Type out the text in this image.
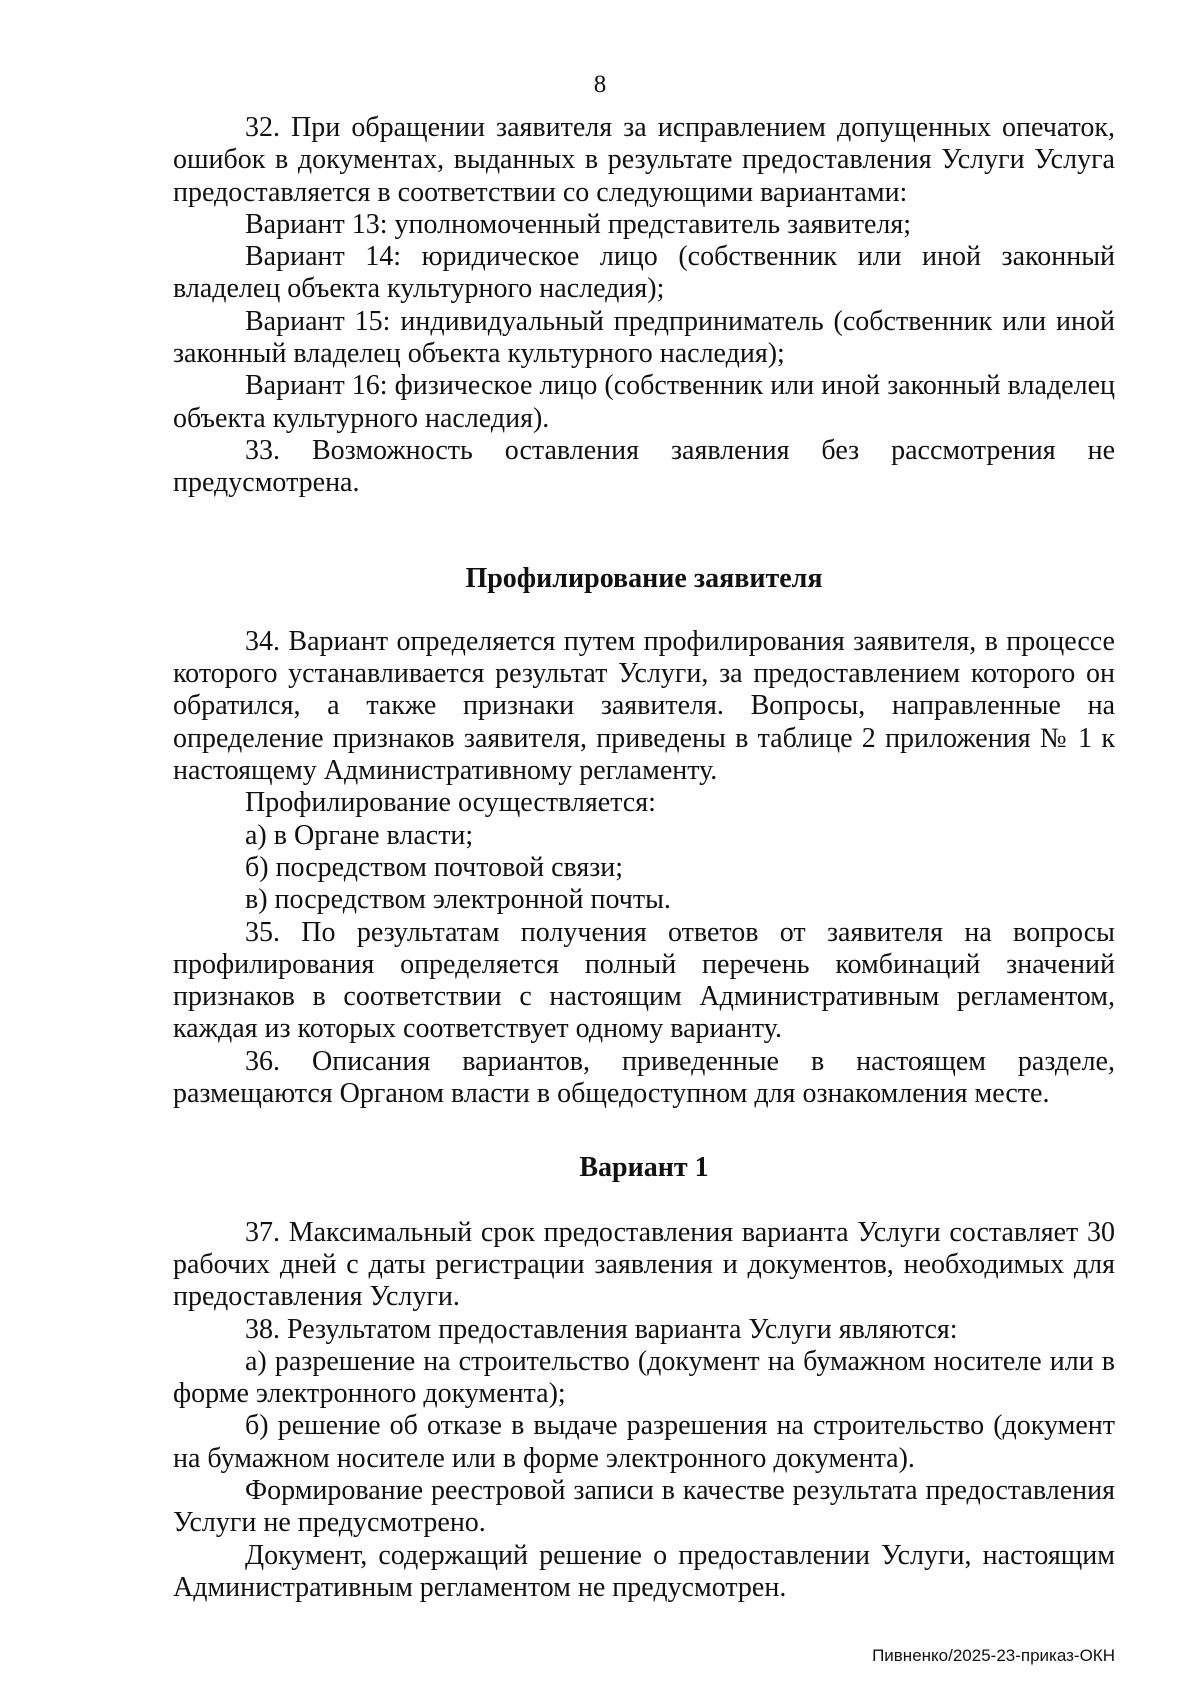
8

32. При обращении заявителя за исправлением допущенных опечаток, ошибок в документах, выданных в результате предоставления Услуги Услуга предоставляется в соответствии со следующими вариантами:

Вариант 13: уполномоченный представитель заявителя;

Вариант 14: юридическое лицо (собственник или иной законный владелец объекта культурного наследия);

Вариант 15: индивидуальный предприниматель (собственник или иной законный владелец объекта культурного наследия);

Вариант 16: физическое лицо (собственник или иной законный владелец объекта культурного наследия).

33. Возможность оставления заявления без рассмотрения не предусмотрена.

Профилирование заявителя

34. Вариант определяется путем профилирования заявителя, в процессе которого устанавливается результат Услуги, за предоставлением которого он обратился, а также признаки заявителя. Вопросы, направленные на определение признаков заявителя, приведены в таблице 2 приложения № 1 к настоящему Административному регламенту.

Профилирование осуществляется:

а) в Органе власти;

б) посредством почтовой связи;

в) посредством электронной почты.

35. По результатам получения ответов от заявителя на вопросы профилирования определяется полный перечень комбинаций значений признаков в соответствии с настоящим Административным регламентом, каждая из которых соответствует одному варианту.

36. Описания вариантов, приведенные в настоящем разделе, размещаются Органом власти в общедоступном для ознакомления месте.

Вариант 1

37. Максимальный срок предоставления варианта Услуги составляет 30 рабочих дней с даты регистрации заявления и документов, необходимых для предоставления Услуги.

38. Результатом предоставления варианта Услуги являются:

а) разрешение на строительство (документ на бумажном носителе или в форме электронного документа);

б) решение об отказе в выдаче разрешения на строительство (документ на бумажном носителе или в форме электронного документа).

Формирование реестровой записи в качестве результата предоставления Услуги не предусмотрено.

Документ, содержащий решение о предоставлении Услуги, настоящим Административным регламентом не предусмотрен.

Пивненко/2025-23-приказ-ОКН
